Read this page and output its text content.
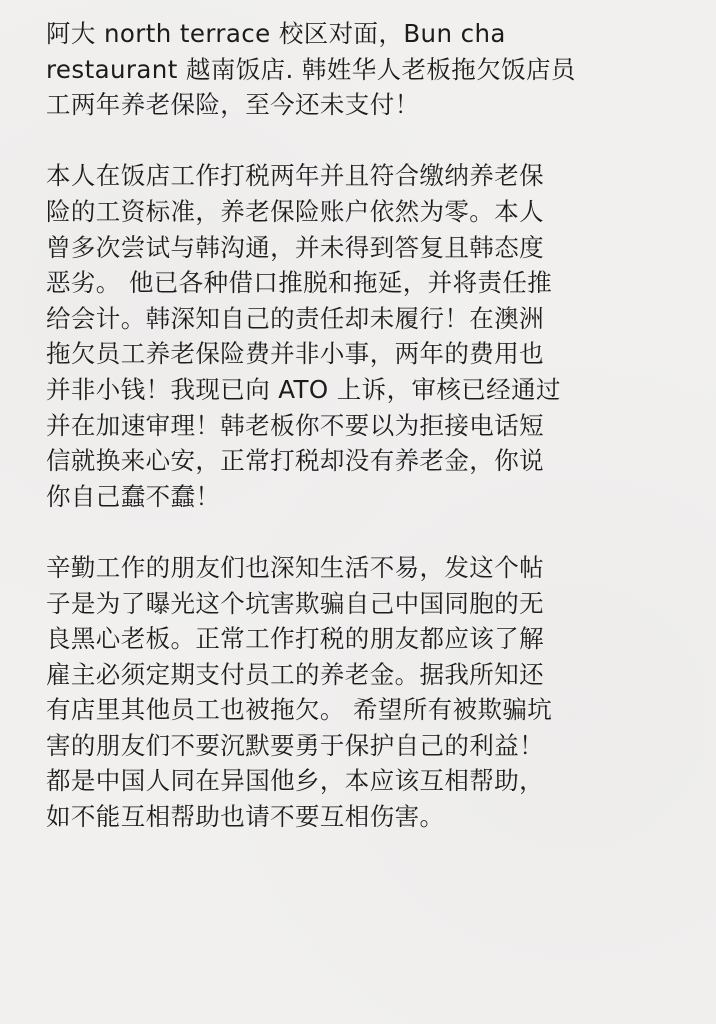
阿大 north terrace 校区对面，Bun cha
restaurant 越南饭店. 韩姓华人老板拖欠饭店员
工两年养老保险，至今还未支付！
本人在饭店工作打税两年并且符合缴纳养老保
险的工资标准，养老保险账户依然为零。本人
曾多次尝试与韩沟通，并未得到答复且韩态度
恶劣。 他已各种借口推脱和拖延，并将责任推
给会计。韩深知自己的责任却未履行！在澳洲
拖欠员工养老保险费并非小事，两年的费用也
并非小钱！我现已向 ATO 上诉，审核已经通过
并在加速审理！韩老板你不要以为拒接电话短
信就换来心安，正常打税却没有养老金，你说
你自己蠢不蠢！
辛勤工作的朋友们也深知生活不易，发这个帖
子是为了曝光这个坑害欺骗自己中国同胞的无
良黑心老板。正常工作打税的朋友都应该了解
雇主必须定期支付员工的养老金。据我所知还
有店里其他员工也被拖欠。 希望所有被欺骗坑
害的朋友们不要沉默要勇于保护自己的利益！
都是中国人同在异国他乡，本应该互相帮助，
如不能互相帮助也请不要互相伤害。
